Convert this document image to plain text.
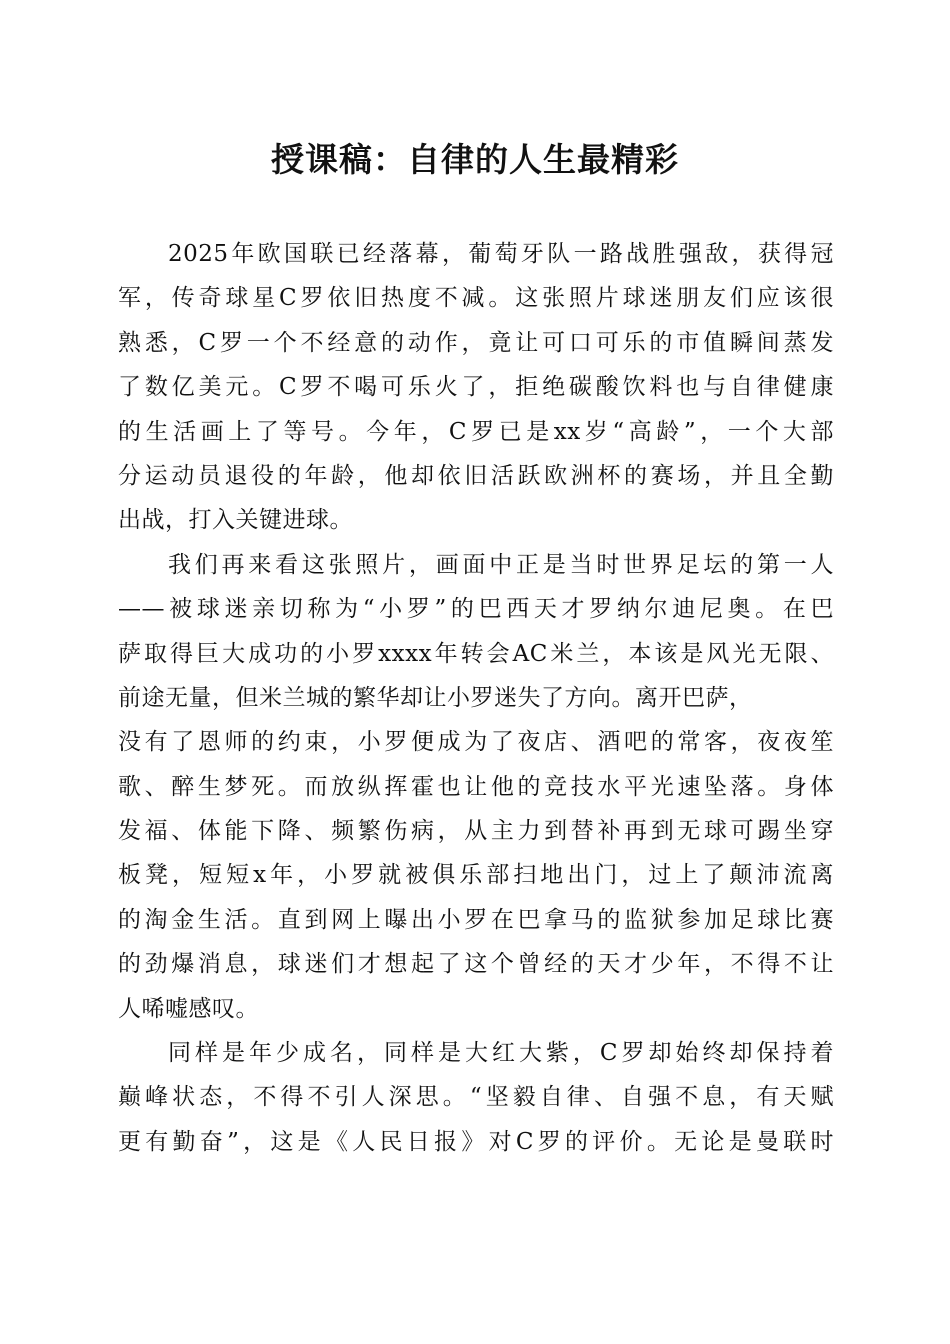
授课稿：自律的人生最精彩
2025年欧国联已经落幕，葡萄牙队一路战胜强敌，获得冠
军，传奇球星C罗依旧热度不减。这张照片球迷朋友们应该很
熟悉，C罗一个不经意的动作，竟让可口可乐的市值瞬间蒸发
了数亿美元。C罗不喝可乐火了，拒绝碳酸饮料也与自律健康
的生活画上了等号。今年，C罗已是xx岁“高龄”，一个大部
分运动员退役的年龄，他却依旧活跃欧洲杯的赛场，并且全勤
出战，打入关键进球。
我们再来看这张照片，画面中正是当时世界足坛的第一人
——被球迷亲切称为“小罗”的巴西天才罗纳尔迪尼奥。在巴
萨取得巨大成功的小罗xxxx年转会AC米兰，本该是风光无限、
前途无量，但米兰城的繁华却让小罗迷失了方向。离开巴萨，
没有了恩师的约束，小罗便成为了夜店、酒吧的常客，夜夜笙
歌、醉生梦死。而放纵挥霍也让他的竞技水平光速坠落。身体
发福、体能下降、频繁伤病，从主力到替补再到无球可踢坐穿
板凳，短短x年，小罗就被俱乐部扫地出门，过上了颠沛流离
的淘金生活。直到网上曝出小罗在巴拿马的监狱参加足球比赛
的劲爆消息，球迷们才想起了这个曾经的天才少年，不得不让
人唏嘘感叹。
同样是年少成名，同样是大红大紫，C罗却始终却保持着
巅峰状态，不得不引人深思。“坚毅自律、自强不息，有天赋
更有勤奋”，这是《人民日报》对C罗的评价。无论是曼联时
